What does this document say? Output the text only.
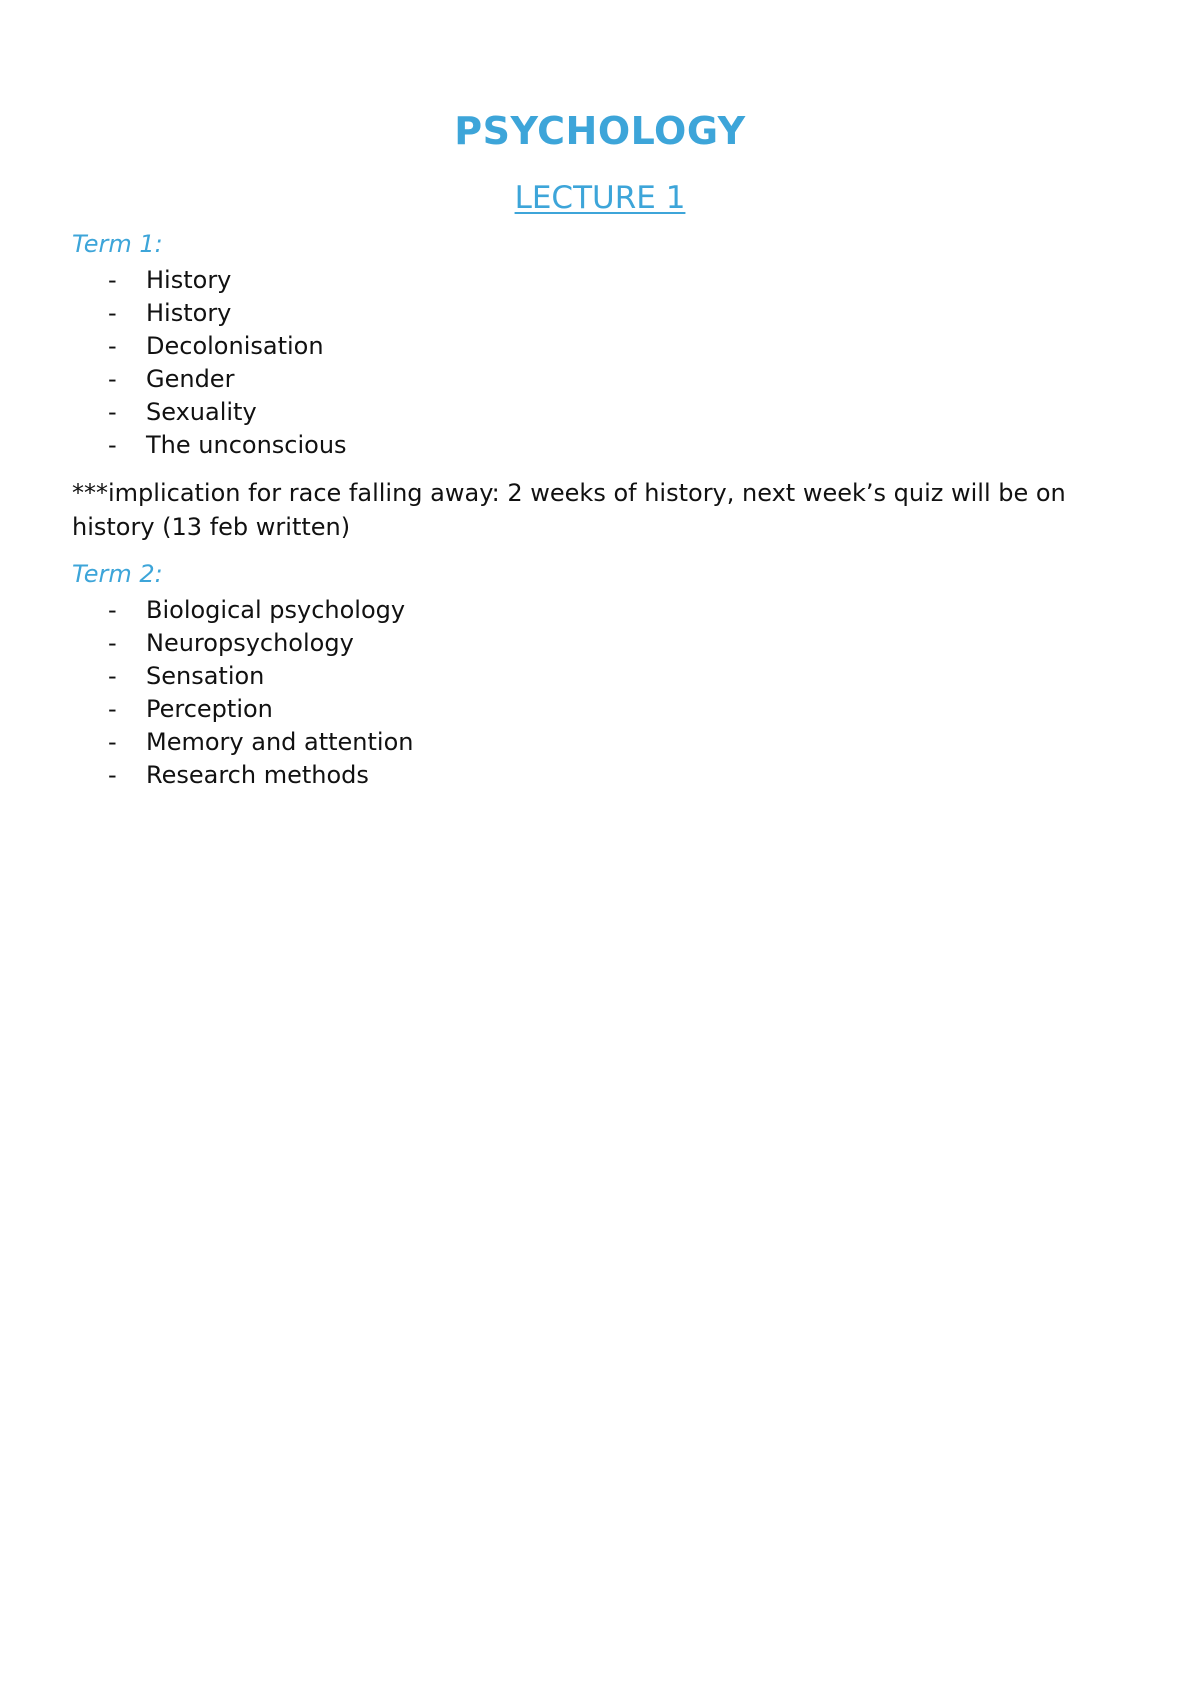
PSYCHOLOGY
LECTURE 1
Term 1:
- History
- History
- Decolonisation
- Gender
- Sexuality
- The unconscious
***implication for race falling away: 2 weeks of history, next week’s quiz will be on history (13 feb written)
Term 2:
- Biological psychology
- Neuropsychology
- Sensation
- Perception
- Memory and attention
- Research methods
